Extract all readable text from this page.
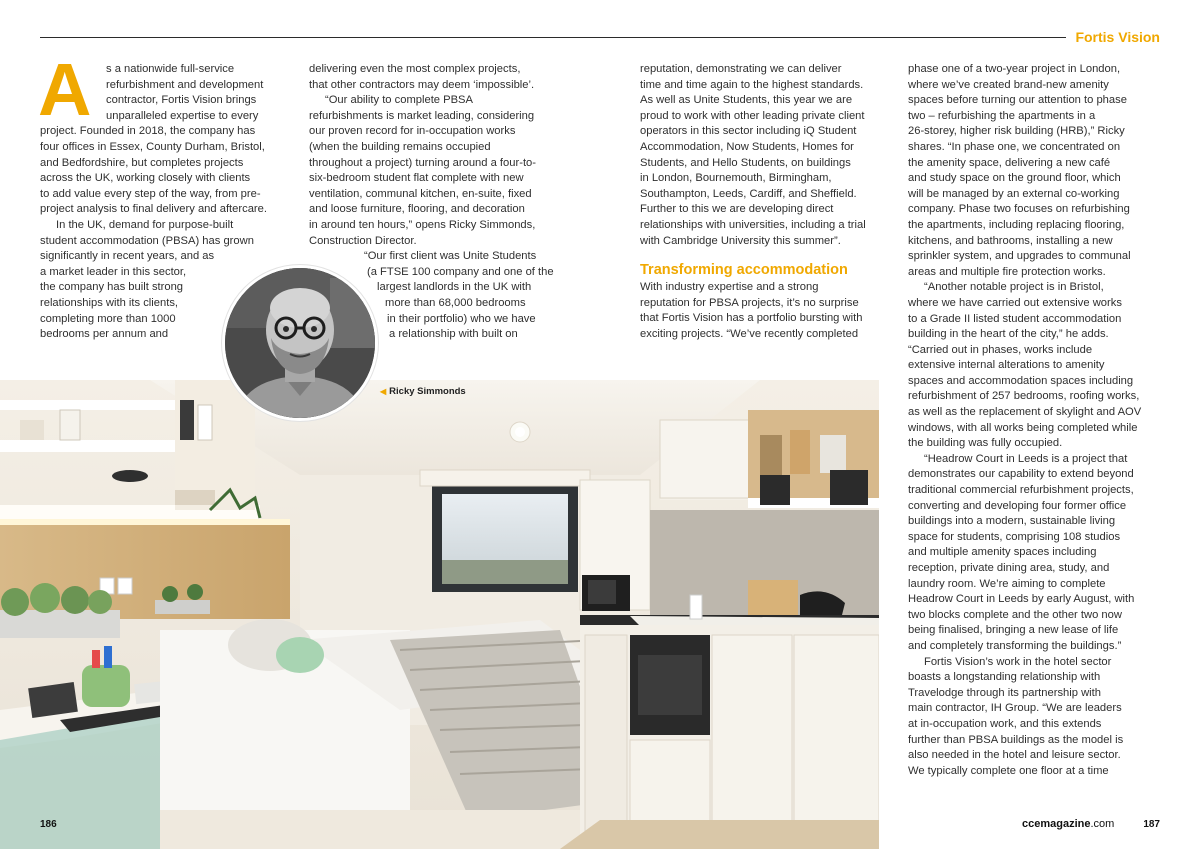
Fortis Vision
A	s a nationwide full-service
refurbishment and development
contractor, Fortis Vision brings
unparalleled expertise to every
project. Founded in 2018, the company has
four offices in Essex, County Durham, Bristol,
and Bedfordshire, but completes projects
across the UK, working closely with clients
to add value every step of the way, from pre-
project analysis to final delivery and aftercare.

In the UK, demand for purpose-built
student accommodation (PBSA) has grown
significantly in recent years, and as
a market leader in this sector,
the company has built strong
relationships with its clients,
completing more than 1000
bedrooms per annum and

delivering even the most complex projects,
that other contractors may deem ‘impossible’.

“Our ability to complete PBSA
refurbishments is market leading, considering
our proven record for in-occupation works
(when the building remains occupied
throughout a project) turning around a four-to-
six-bedroom student flat complete with new
ventilation, communal kitchen, en-suite, fixed
and loose furniture, flooring, and decoration
in around ten hours,” opens Ricky Simmonds,
Construction Director.

“Our first client was Unite Students
(a FTSE 100 company and one of the
largest landlords in the UK with
more than 68,000 bedrooms
in their portfolio) who we have
a relationship with built on

reputation, demonstrating we can deliver
time and time again to the highest standards.
As well as Unite Students, this year we are
proud to work with other leading private client
operators in this sector including iQ Student
Accommodation, Now Students, Homes for
Students, and Hello Students, on buildings
in London, Bournemouth, Birmingham,
Southampton, Leeds, Cardiff, and Sheffield.
Further to this we are developing direct
relationships with universities, including a trial
with Cambridge University this summer”.

Transforming accommodation

With industry expertise and a strong
reputation for PBSA projects, it’s no surprise
that Fortis Vision has a portfolio bursting with
exciting projects. “We’ve recently completed

phase one of a two-year project in London,
where we’ve created brand-new amenity
spaces before turning our attention to phase
two – refurbishing the apartments in a
26-storey, higher risk building (HRB),” Ricky
shares. “In phase one, we concentrated on
the amenity space, delivering a new café
and study space on the ground floor, which
will be managed by an external co-working
company. Phase two focuses on refurbishing
the apartments, including replacing flooring,
kitchens, and bathrooms, installing a new
sprinkler system, and upgrades to communal
areas and multiple fire protection works.

“Another notable project is in Bristol,
where we have carried out extensive works
to a Grade II listed student accommodation
building in the heart of the city,” he adds.
“Carried out in phases, works include
extensive internal alterations to amenity
spaces and accommodation spaces including
refurbishment of 257 bedrooms, roofing works,
as well as the replacement of skylight and AOV
windows, with all works being completed while
the building was fully occupied.

“Headrow Court in Leeds is a project that
demonstrates our capability to extend beyond
traditional commercial refurbishment projects,
converting and developing four former office
buildings into a modern, sustainable living
space for students, comprising 108 studios
and multiple amenity spaces including
reception, private dining area, study, and
laundry room. We’re aiming to complete
Headrow Court in Leeds by early August, with
two blocks complete and the other two now
being finalised, bringing a new lease of life
and completely transforming the buildings.”

Fortis Vision’s work in the hotel sector
boasts a longstanding relationship with
Travelodge through its partnership with
main contractor, IH Group. “We are leaders
at in-occupation work, and this extends
further than PBSA buildings as the model is
also needed in the hotel and leisure sector.
We typically complete one floor at a time

◀ Ricky Simmonds
186	ccemagazine.com	187
